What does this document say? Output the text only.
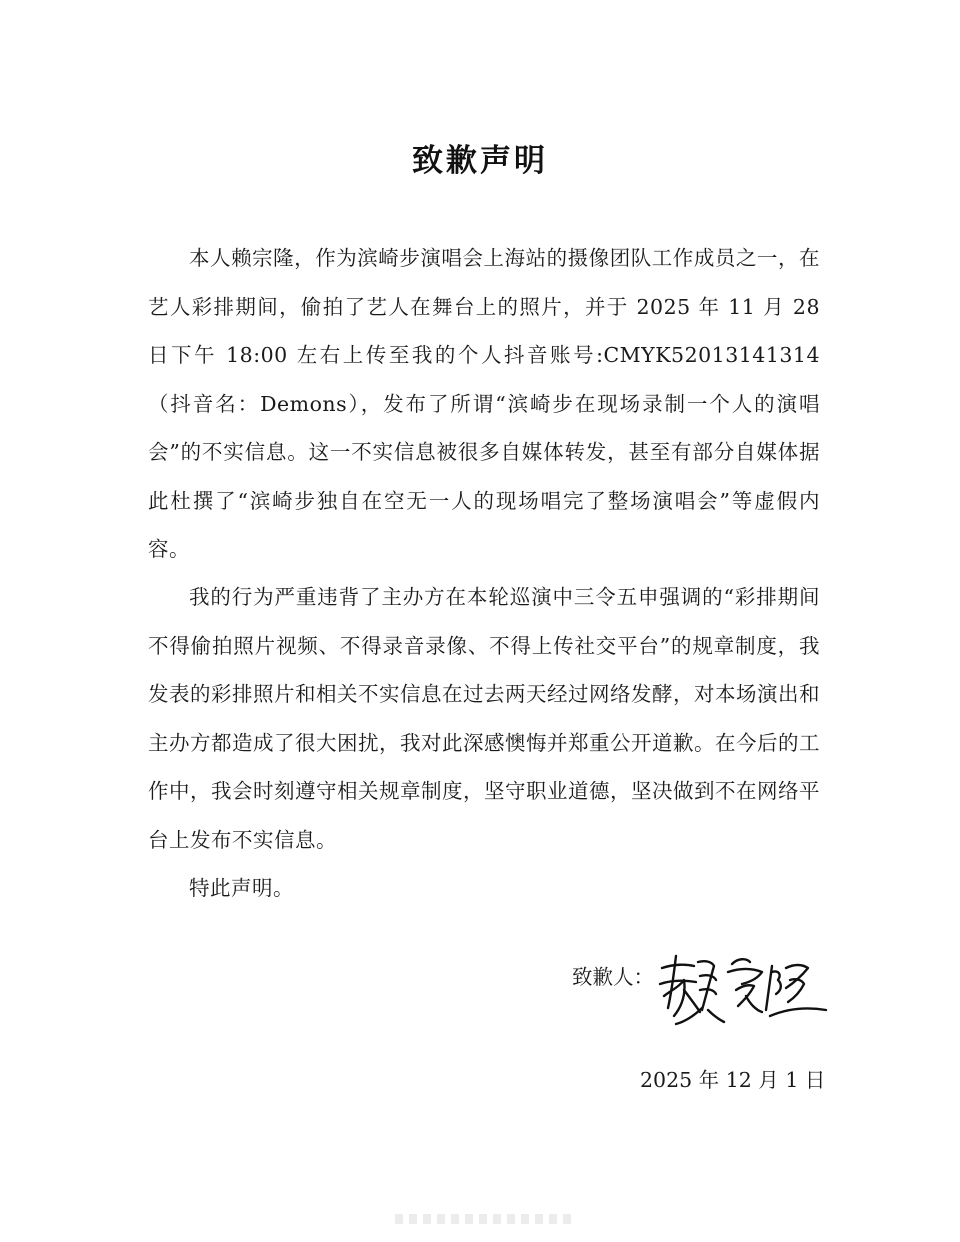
致歉声明

本人赖宗隆，作为滨崎步演唱会上海站的摄像团队工作成员之一，在艺人彩排期间，偷拍了艺人在舞台上的照片，并于 2025 年 11 月 28 日下午 18:00 左右上传至我的个人抖音账号:CMYK52013141314（抖音名：Demons），发布了所谓“滨崎步在现场录制一个人的演唱会”的不实信息。这一不实信息被很多自媒体转发，甚至有部分自媒体据此杜撰了“滨崎步独自在空无一人的现场唱完了整场演唱会”等虚假内容。

我的行为严重违背了主办方在本轮巡演中三令五申强调的“彩排期间不得偷拍照片视频、不得录音录像、不得上传社交平台”的规章制度，我发表的彩排照片和相关不实信息在过去两天经过网络发酵，对本场演出和主办方都造成了很大困扰，我对此深感懊悔并郑重公开道歉。在今后的工作中，我会时刻遵守相关规章制度，坚守职业道德，坚决做到不在网络平台上发布不实信息。

特此声明。

致歉人：
2025 年 12 月 1 日
